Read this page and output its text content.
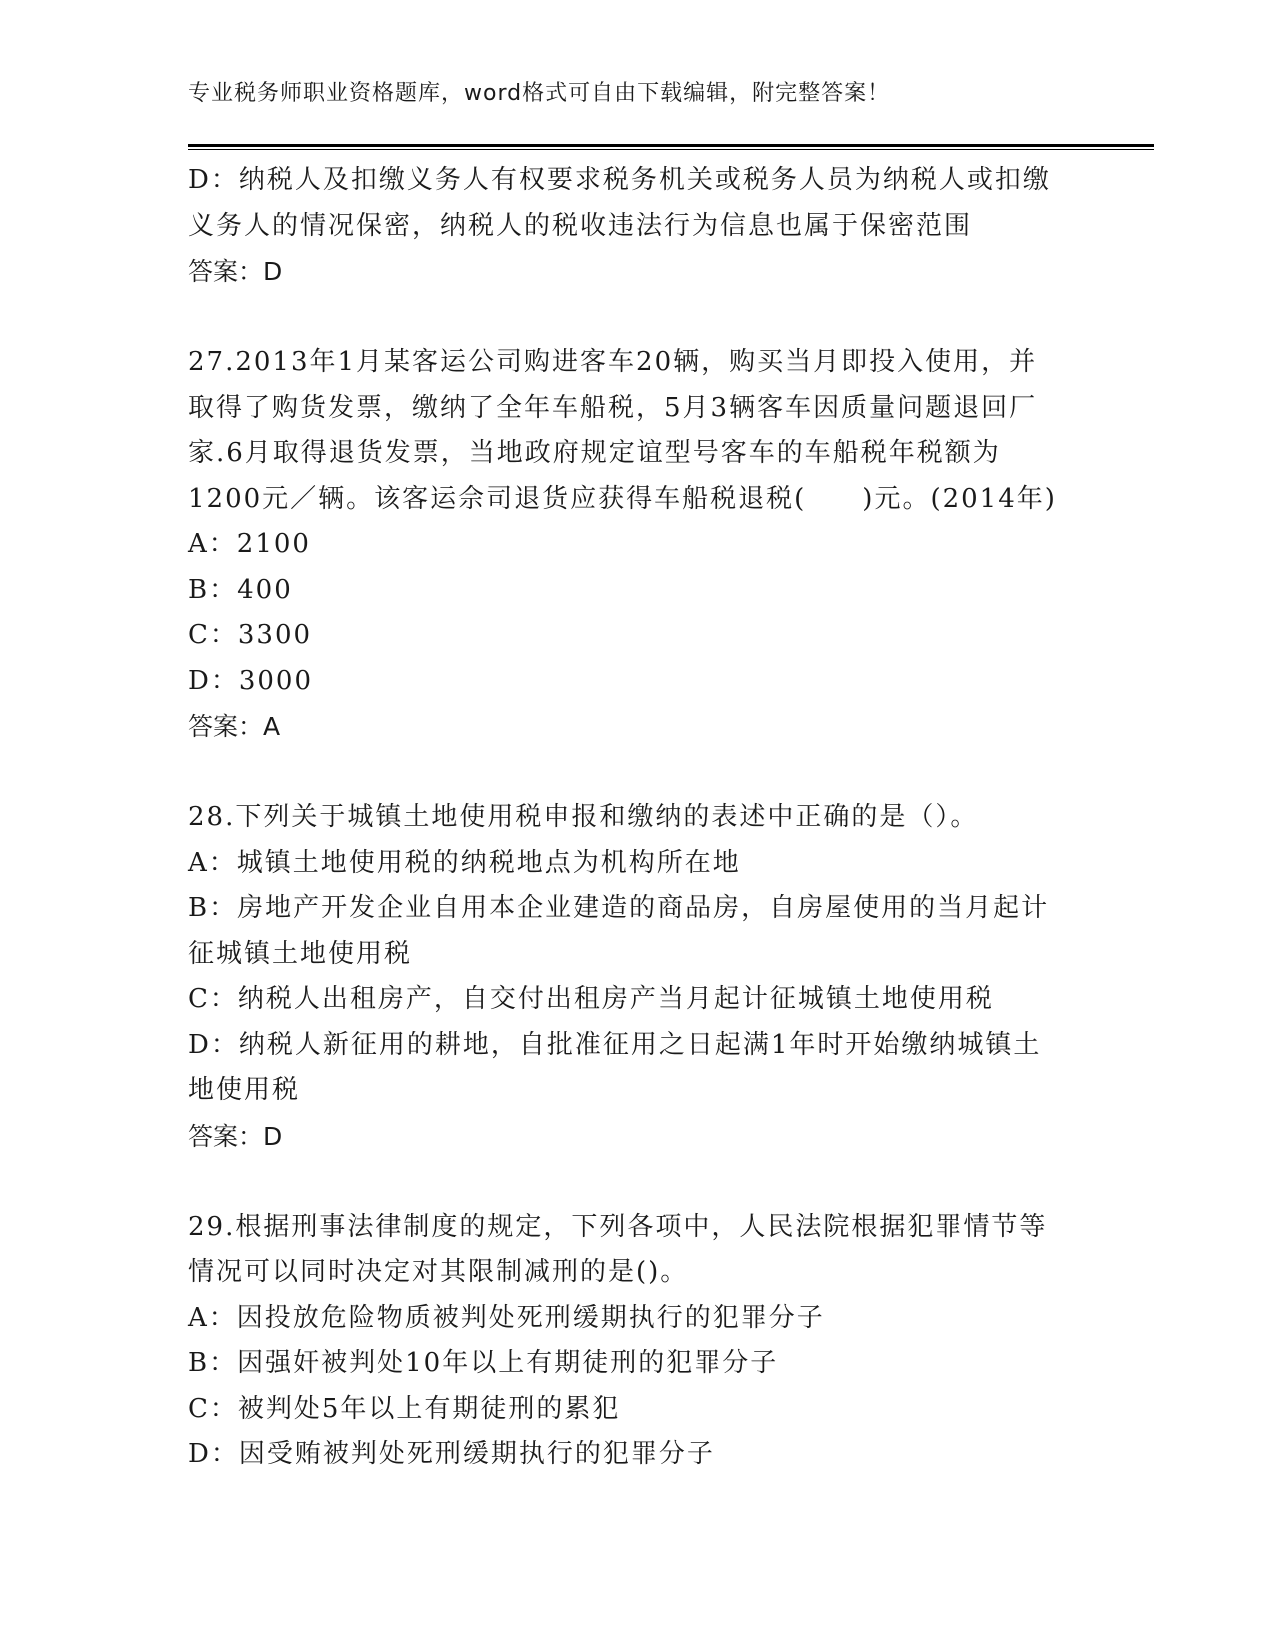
专业税务师职业资格题库，word格式可自由下载编辑，附完整答案！
D：纳税人及扣缴义务人有权要求税务机关或税务人员为纳税人或扣缴
义务人的情况保密，纳税人的税收违法行为信息也属于保密范围
答案：D
27.2013年1月某客运公司购进客车20辆，购买当月即投入使用，并
取得了购货发票，缴纳了全年车船税，5月3辆客车因质量问题退回厂
家.6月取得退货发票，当地政府规定谊型号客车的车船税年税额为
1200元／辆。该客运佘司退货应获得车船税退税(　　)元。(2014年)
A：2100
B：400
C：3300
D：3000
答案：A
28.下列关于城镇土地使用税申报和缴纳的表述中正确的是（）。
A：城镇土地使用税的纳税地点为机构所在地
B：房地产开发企业自用本企业建造的商品房，自房屋使用的当月起计
征城镇土地使用税
C：纳税人出租房产，自交付出租房产当月起计征城镇土地使用税
D：纳税人新征用的耕地，自批准征用之日起满1年时开始缴纳城镇土
地使用税
答案：D
29.根据刑事法律制度的规定，下列各项中，人民法院根据犯罪情节等
情况可以同时决定对其限制减刑的是()。
A：因投放危险物质被判处死刑缓期执行的犯罪分子
B：因强奸被判处10年以上有期徒刑的犯罪分子
C：被判处5年以上有期徒刑的累犯
D：因受贿被判处死刑缓期执行的犯罪分子
